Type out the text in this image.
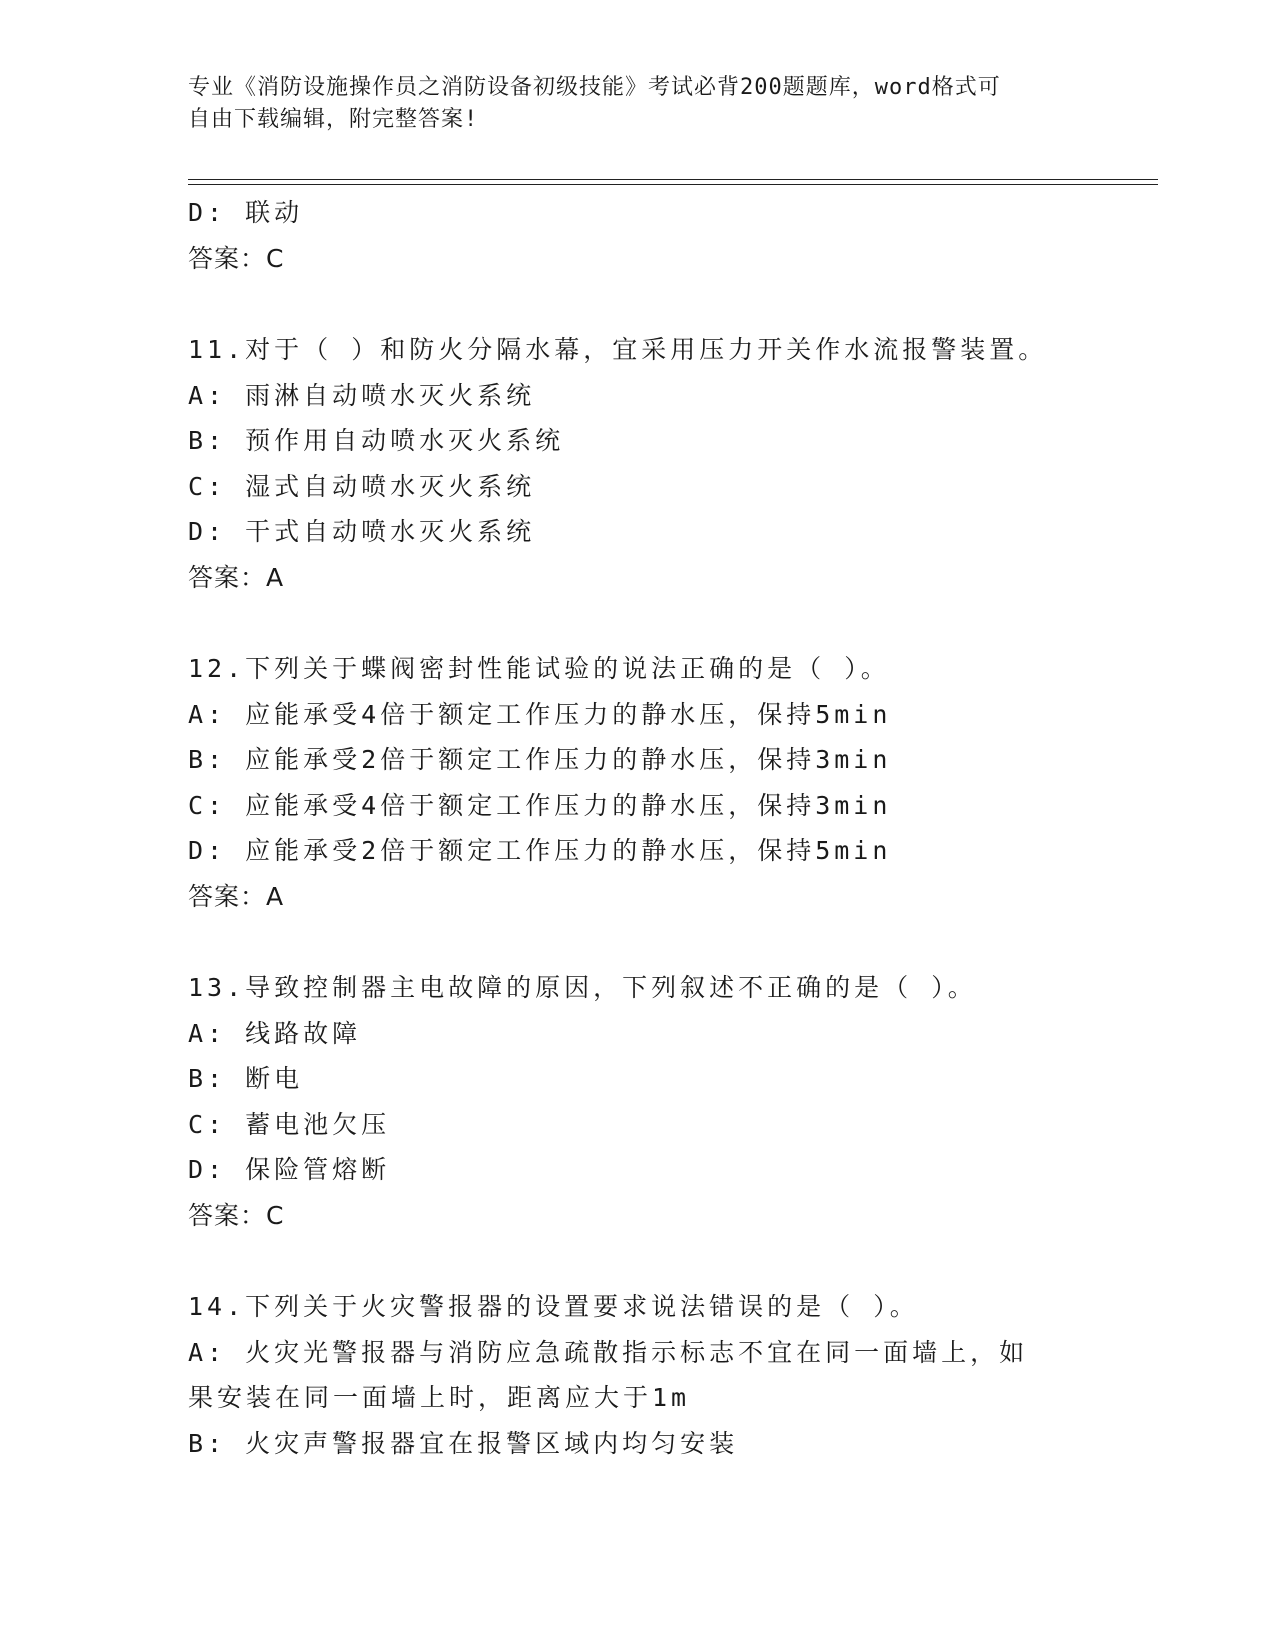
专业《消防设施操作员之消防设备初级技能》考试必背200题题库，word格式可
自由下载编辑，附完整答案!
D: 联动
答案：C
11.对于（ ）和防火分隔水幕，宜采用压力开关作水流报警装置。
A: 雨淋自动喷水灭火系统
B: 预作用自动喷水灭火系统
C: 湿式自动喷水灭火系统
D: 干式自动喷水灭火系统
答案：A
12.下列关于蝶阀密封性能试验的说法正确的是（ ）。
A: 应能承受4倍于额定工作压力的静水压，保持5min
B: 应能承受2倍于额定工作压力的静水压，保持3min
C: 应能承受4倍于额定工作压力的静水压，保持3min
D: 应能承受2倍于额定工作压力的静水压，保持5min
答案：A
13.导致控制器主电故障的原因，下列叙述不正确的是（ ）。
A: 线路故障
B: 断电
C: 蓄电池欠压
D: 保险管熔断
答案：C
14.下列关于火灾警报器的设置要求说法错误的是（ ）。
A: 火灾光警报器与消防应急疏散指示标志不宜在同一面墙上，如果安装在同一面墙上时，距离应大于1m
B: 火灾声警报器宜在报警区域内均匀安装
